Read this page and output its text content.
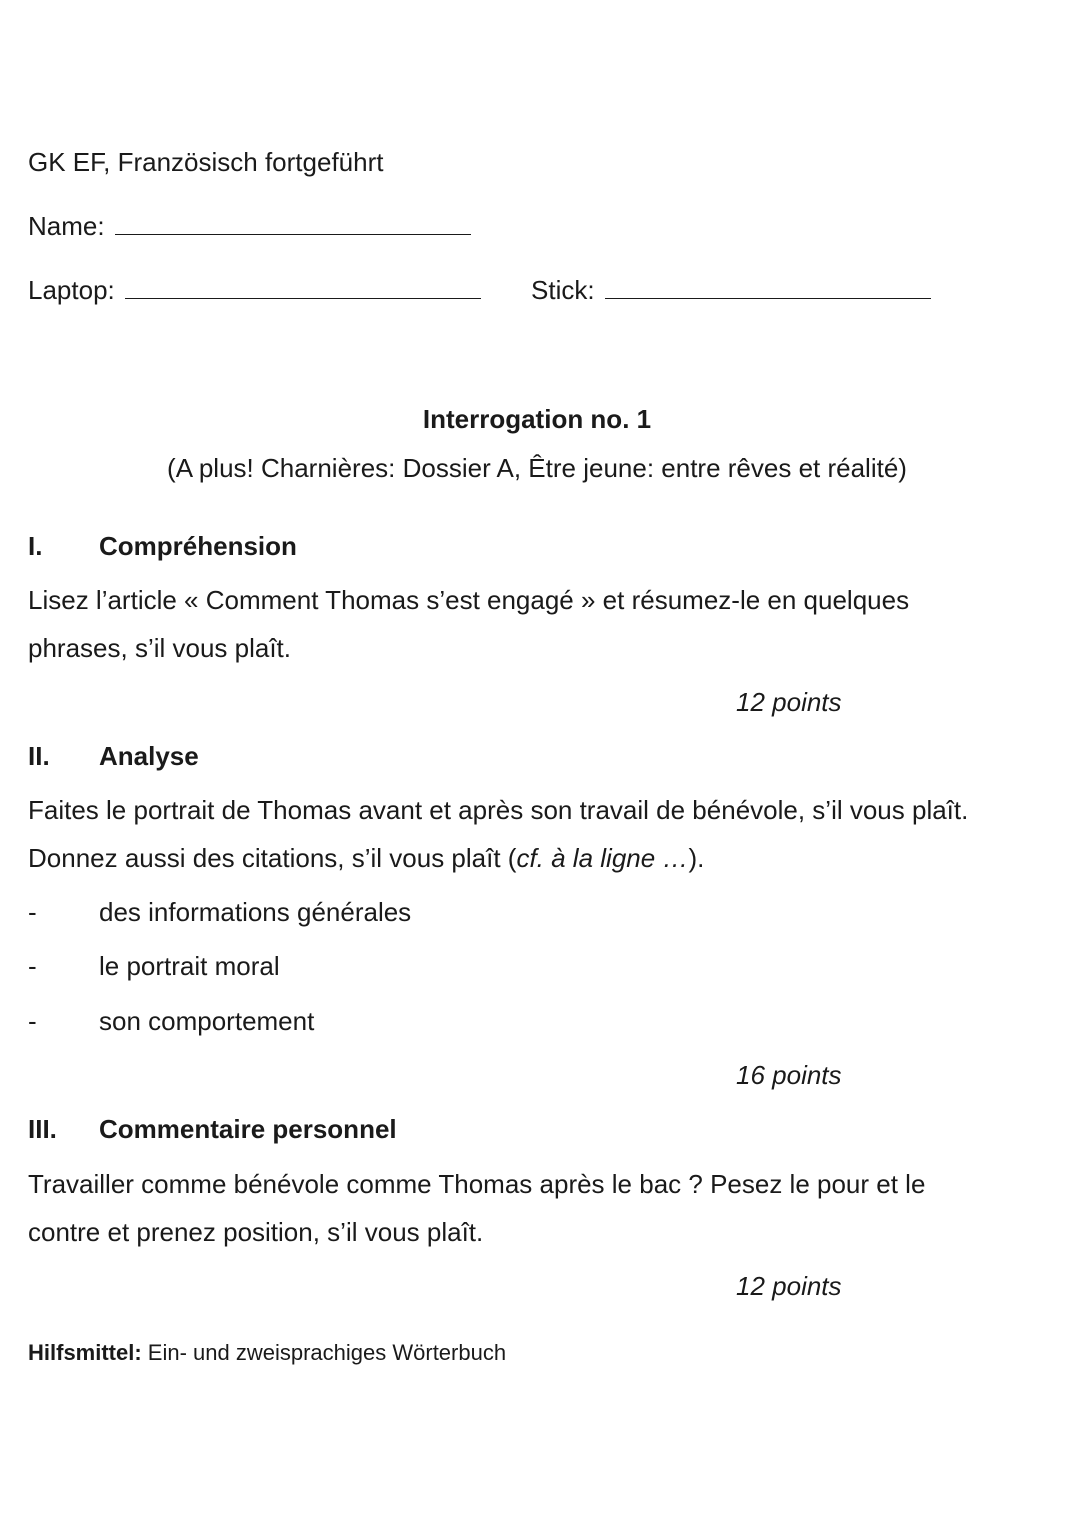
GK EF, Französisch fortgeführt
Name:
Laptop:	Stick:
Interrogation no. 1
(A plus! Charnières: Dossier A, Être jeune: entre rêves et réalité)
I. Compréhension
Lisez l’article « Comment Thomas s’est engagé » et résumez-le en quelques
phrases, s’il vous plaît.
12 points
II. Analyse
Faites le portrait de Thomas avant et après son travail de bénévole, s’il vous plaît.
Donnez aussi des citations, s’il vous plaît (cf. à la ligne …).
- des informations générales
- le portrait moral
- son comportement
16 points
III. Commentaire personnel
Travailler comme bénévole comme Thomas après le bac ? Pesez le pour et le
contre et prenez position, s’il vous plaît.
12 points
Hilfsmittel: Ein- und zweisprachiges Wörterbuch
